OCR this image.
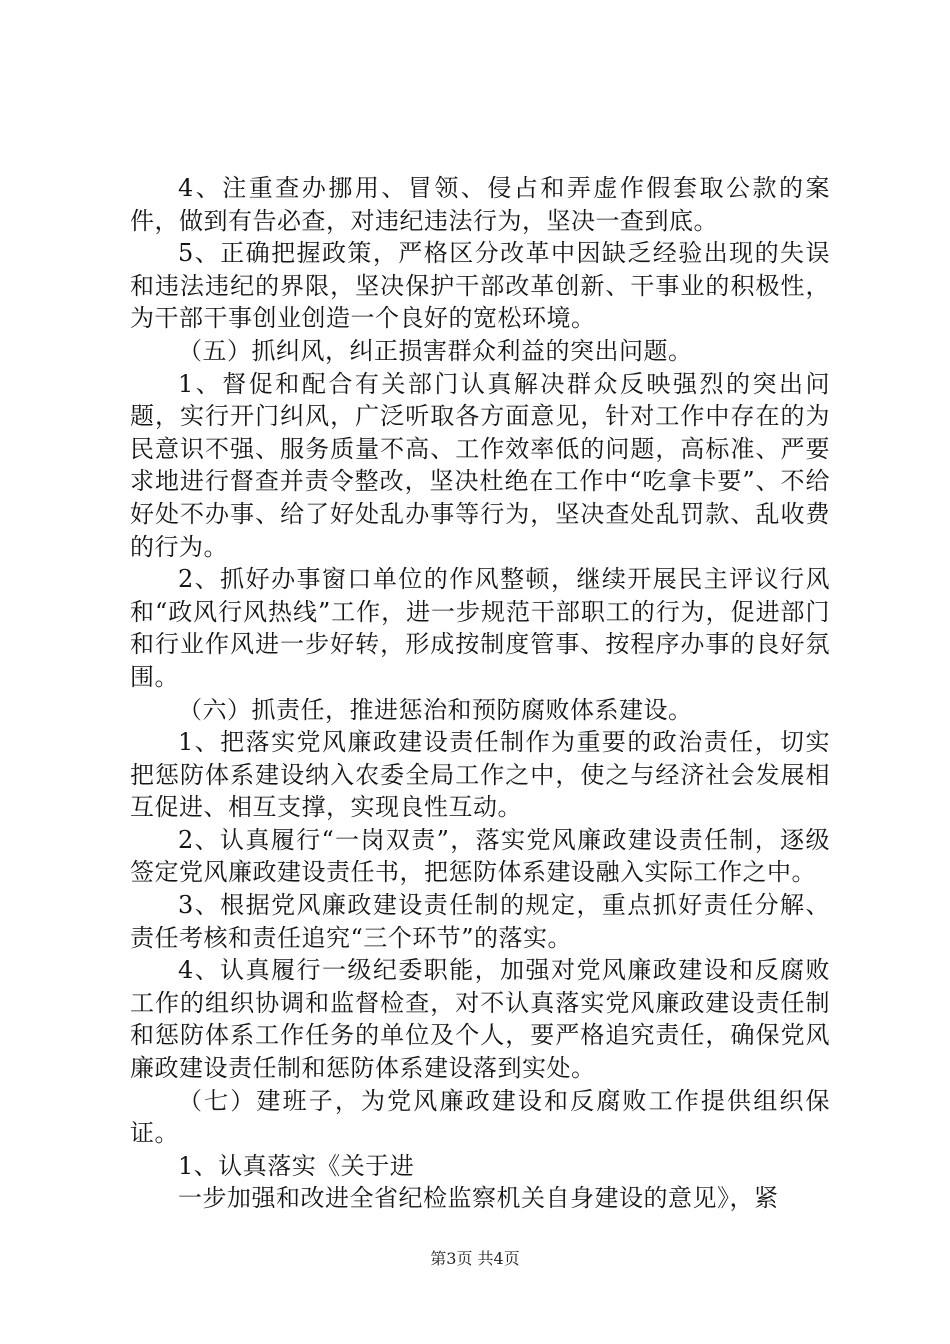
4、注重查办挪用、冒领、侵占和弄虚作假套取公款的案件，做到有告必查，对违纪违法行为，坚决一查到底。

5、正确把握政策，严格区分改革中因缺乏经验出现的失误和违法违纪的界限，坚决保护干部改革创新、干事业的积极性，为干部干事创业创造一个良好的宽松环境。

（五）抓纠风，纠正损害群众利益的突出问题。

1、督促和配合有关部门认真解决群众反映强烈的突出问题，实行开门纠风，广泛听取各方面意见，针对工作中存在的为民意识不强、服务质量不高、工作效率低的问题，高标准、严要求地进行督查并责令整改，坚决杜绝在工作中“吃拿卡要”、不给好处不办事、给了好处乱办事等行为，坚决查处乱罚款、乱收费的行为。

2、抓好办事窗口单位的作风整顿，继续开展民主评议行风和“政风行风热线”工作，进一步规范干部职工的行为，促进部门和行业作风进一步好转，形成按制度管事、按程序办事的良好氛围。

（六）抓责任，推进惩治和预防腐败体系建设。

1、把落实党风廉政建设责任制作为重要的政治责任，切实把惩防体系建设纳入农委全局工作之中，使之与经济社会发展相互促进、相互支撑，实现良性互动。

2、认真履行“一岗双责”，落实党风廉政建设责任制，逐级签定党风廉政建设责任书，把惩防体系建设融入实际工作之中。

3、根据党风廉政建设责任制的规定，重点抓好责任分解、责任考核和责任追究“三个环节”的落实。

4、认真履行一级纪委职能，加强对党风廉政建设和反腐败工作的组织协调和监督检查，对不认真落实党风廉政建设责任制和惩防体系工作任务的单位及个人，要严格追究责任，确保党风廉政建设责任制和惩防体系建设落到实处。

（七）建班子，为党风廉政建设和反腐败工作提供组织保证。

1、认真落实《关于进

一步加强和改进全省纪检监察机关自身建设的意见》，紧

第3页 共4页
